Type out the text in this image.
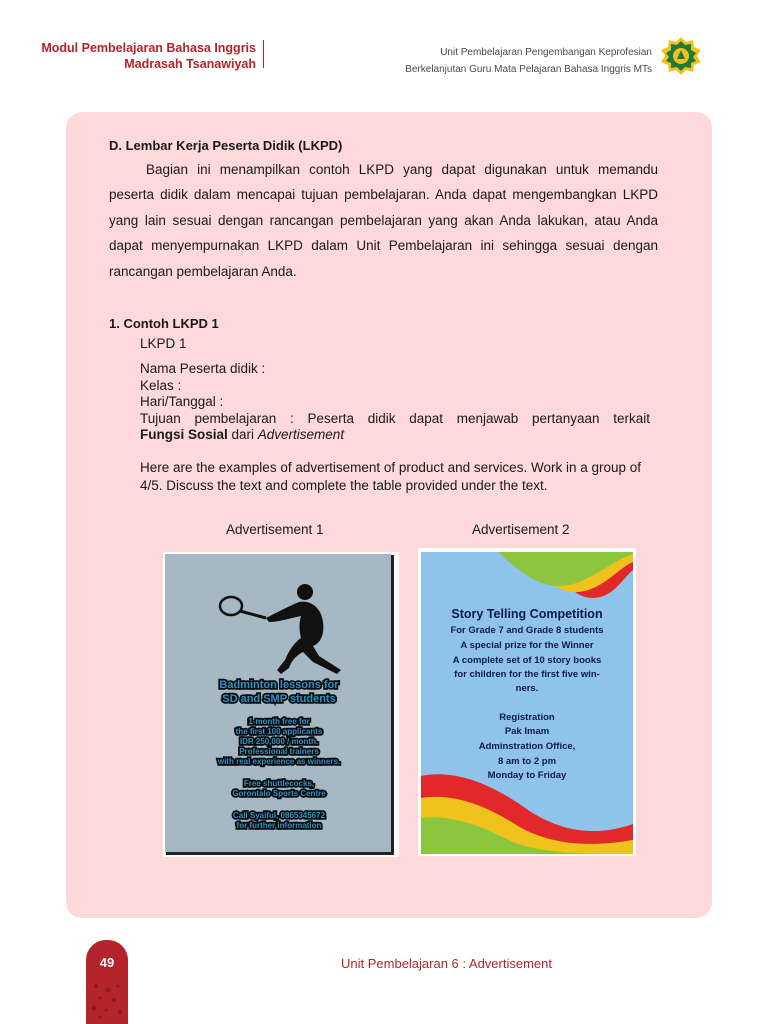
Modul Pembelajaran Bahasa Inggris
Madrasah Tsanawiyah
Unit Pembelajaran Pengembangan Keprofesian
Berkelanjutan Guru Mata Pelajaran Bahasa Inggris MTs
D. Lembar Kerja Peserta Didik (LKPD)
Bagian ini menampilkan contoh LKPD yang dapat digunakan untuk memandu peserta didik dalam mencapai tujuan pembelajaran. Anda dapat mengembangkan LKPD yang lain sesuai dengan rancangan pembelajaran yang akan Anda lakukan, atau Anda dapat menyempurnakan LKPD dalam Unit Pembelajaran ini sehingga sesuai dengan rancangan pembelajaran Anda.
1. Contoh LKPD 1
LKPD 1
Nama Peserta didik :
Kelas :
Hari/Tanggal :
Tujuan pembelajaran : Peserta didik dapat menjawab pertanyaan terkait
Fungsi Sosial dari Advertisement
Here are the examples of advertisement of product and services. Work in a group of 4/5. Discuss the text and complete the table provided under the text.
Advertisement 1	Advertisement 2
Badminton lessons for
SD and SMP students
1-month free for
the first 100 applicants
IDR 250,000 / month.
Professional trainers
with real experience as winners.
Free shuttlecocks,
Gorontalo Sports Centre
Call Syaiful, 0865345672
for further information
Story Telling Competition
For Grade 7 and Grade 8 students
A special prize for the Winner
A complete set of 10 story books
for children for the first five win-
ners.
Registration
Pak Imam
Adminstration Office,
8 am to 2 pm
Monday to Friday
49	Unit Pembelajaran 6 : Advertisement
